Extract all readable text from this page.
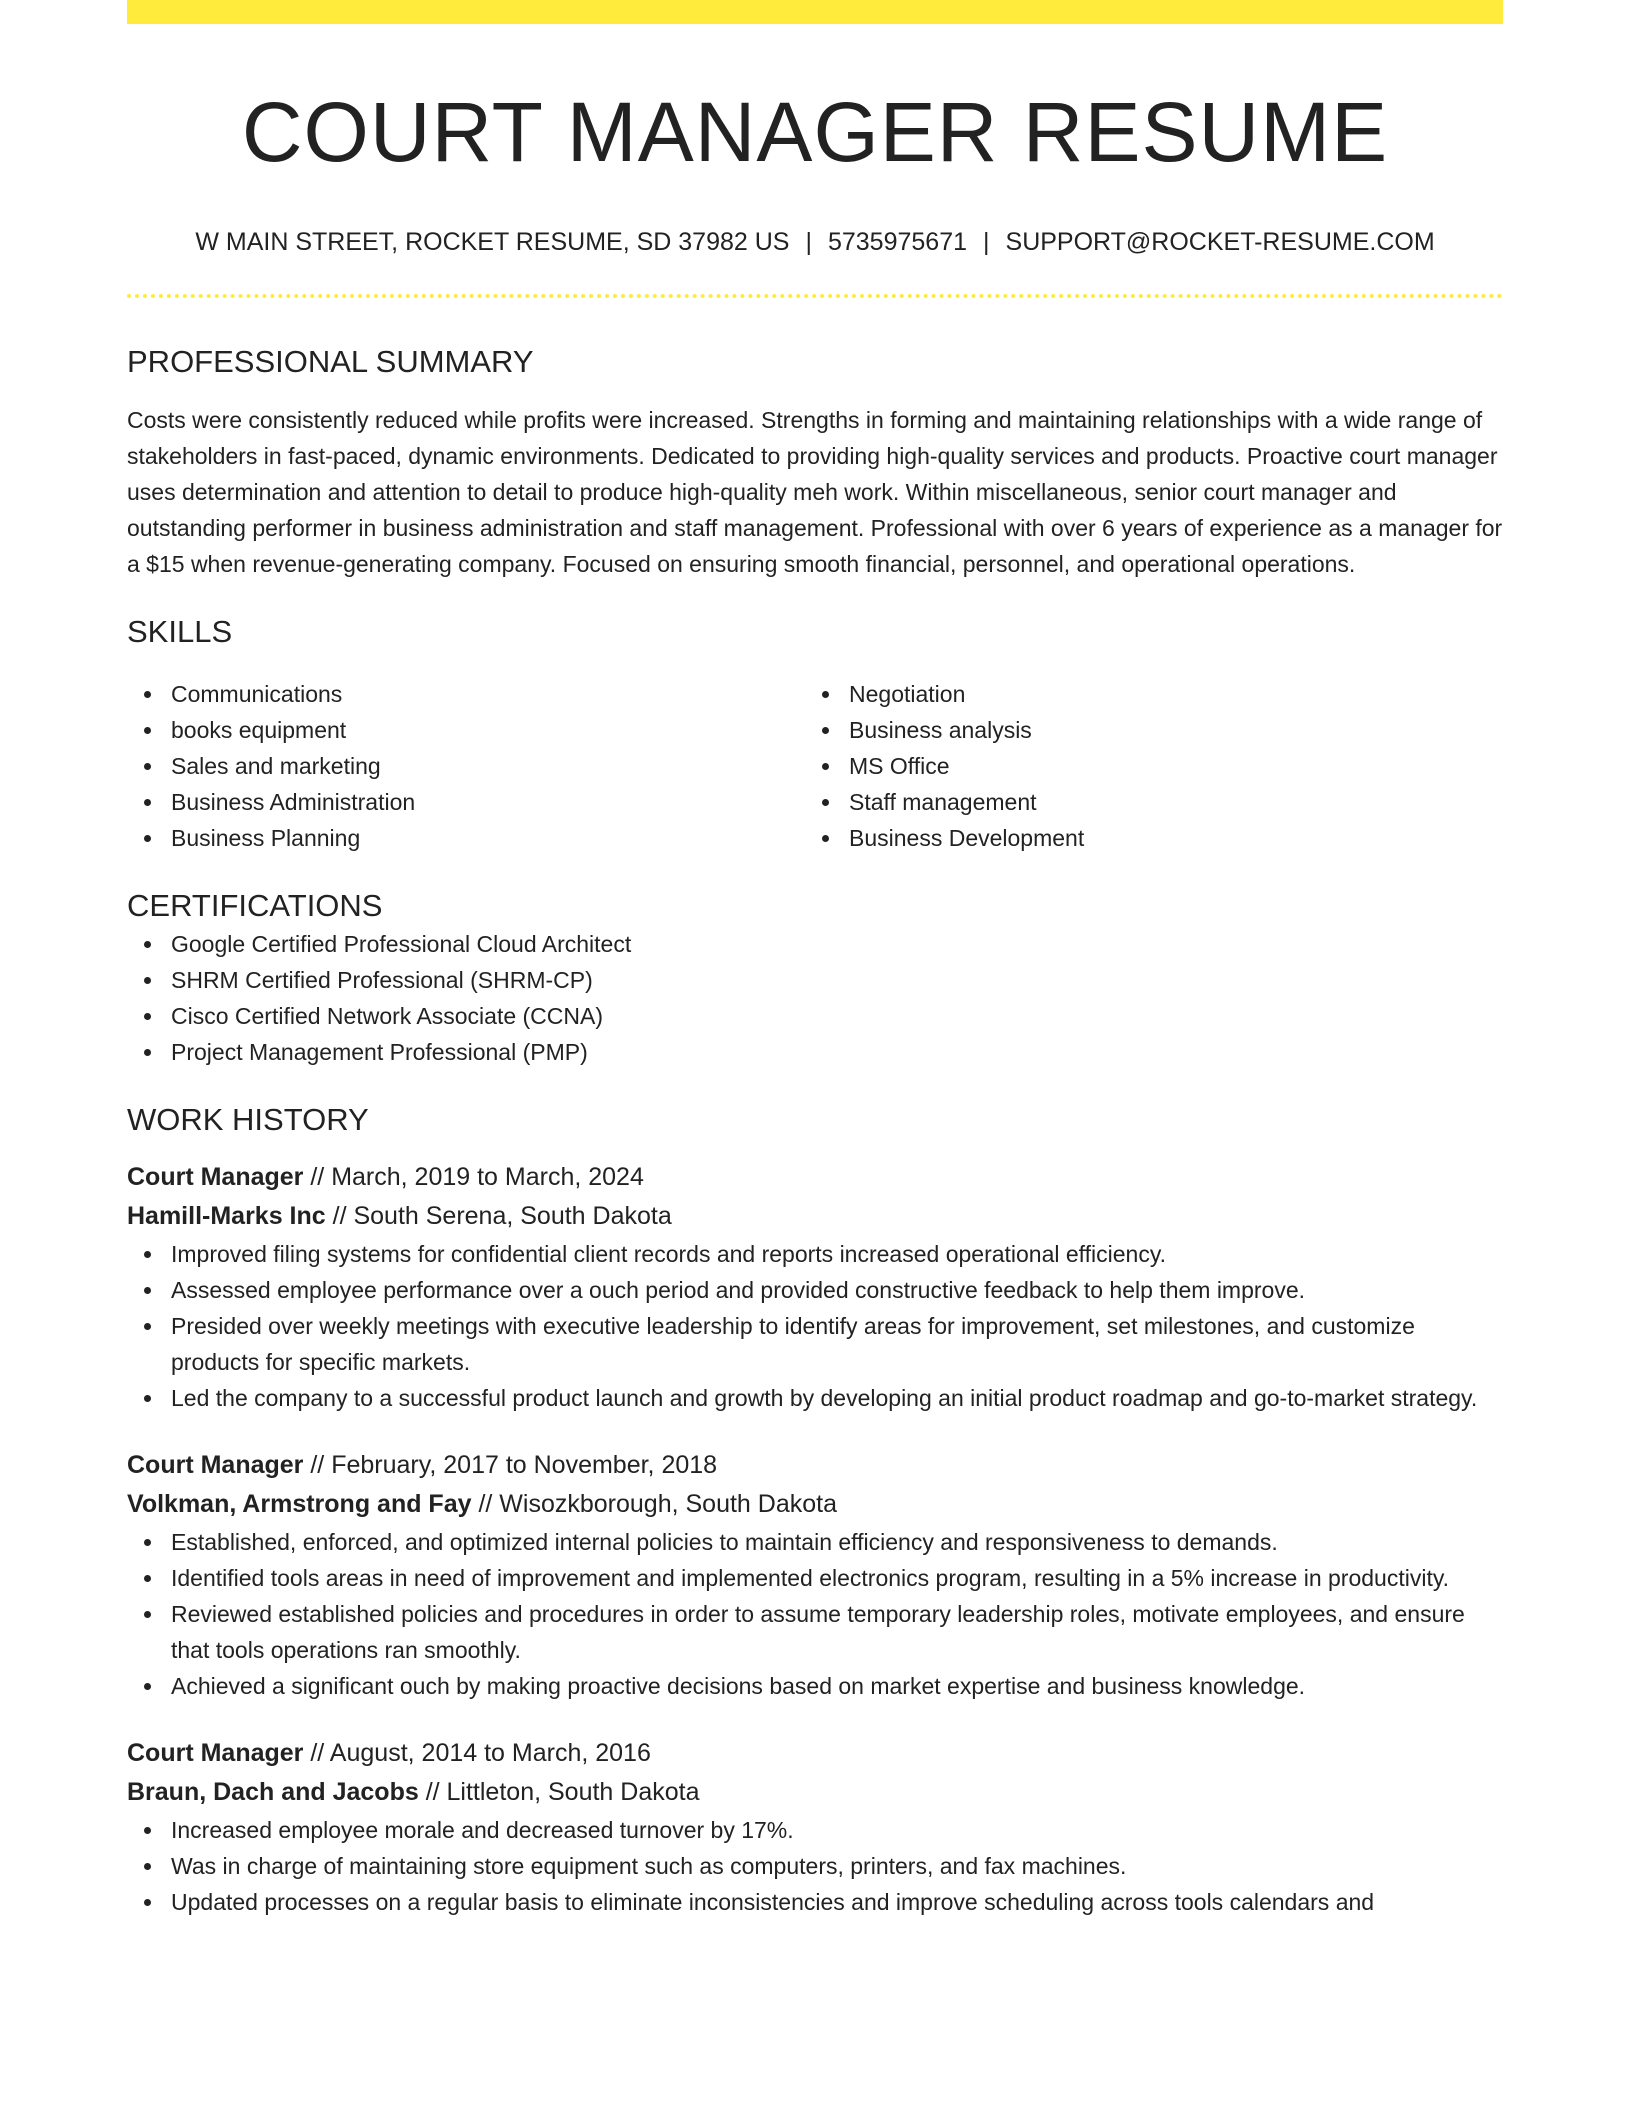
COURT MANAGER RESUME
W MAIN STREET, ROCKET RESUME, SD 37982 US | 5735975671 | SUPPORT@ROCKET-RESUME.COM
PROFESSIONAL SUMMARY
Costs were consistently reduced while profits were increased. Strengths in forming and maintaining relationships with a wide range of stakeholders in fast-paced, dynamic environments. Dedicated to providing high-quality services and products. Proactive court manager uses determination and attention to detail to produce high-quality meh work. Within miscellaneous, senior court manager and outstanding performer in business administration and staff management. Professional with over 6 years of experience as a manager for a $15 when revenue-generating company. Focused on ensuring smooth financial, personnel, and operational operations.
SKILLS
Communications
books equipment
Sales and marketing
Business Administration
Business Planning
Negotiation
Business analysis
MS Office
Staff management
Business Development
CERTIFICATIONS
Google Certified Professional Cloud Architect
SHRM Certified Professional (SHRM-CP)
Cisco Certified Network Associate (CCNA)
Project Management Professional (PMP)
WORK HISTORY
Court Manager // March, 2019 to March, 2024
Hamill-Marks Inc // South Serena, South Dakota
Improved filing systems for confidential client records and reports increased operational efficiency.
Assessed employee performance over a ouch period and provided constructive feedback to help them improve.
Presided over weekly meetings with executive leadership to identify areas for improvement, set milestones, and customize products for specific markets.
Led the company to a successful product launch and growth by developing an initial product roadmap and go-to-market strategy.
Court Manager // February, 2017 to November, 2018
Volkman, Armstrong and Fay // Wisozkborough, South Dakota
Established, enforced, and optimized internal policies to maintain efficiency and responsiveness to demands.
Identified tools areas in need of improvement and implemented electronics program, resulting in a 5% increase in productivity.
Reviewed established policies and procedures in order to assume temporary leadership roles, motivate employees, and ensure that tools operations ran smoothly.
Achieved a significant ouch by making proactive decisions based on market expertise and business knowledge.
Court Manager // August, 2014 to March, 2016
Braun, Dach and Jacobs // Littleton, South Dakota
Increased employee morale and decreased turnover by 17%.
Was in charge of maintaining store equipment such as computers, printers, and fax machines.
Updated processes on a regular basis to eliminate inconsistencies and improve scheduling across tools calendars and
